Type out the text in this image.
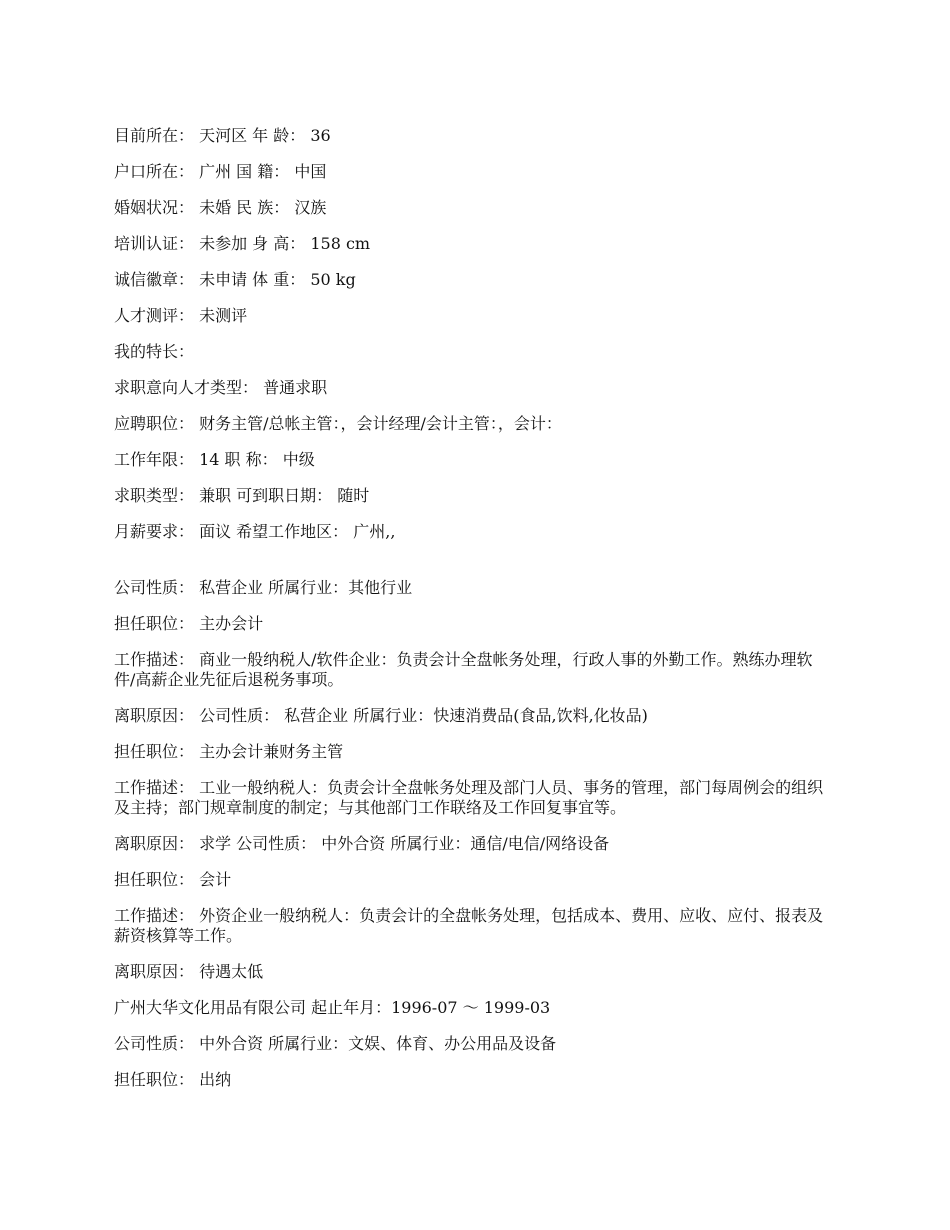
目前所在： 天河区 年 龄： 36
户口所在： 广州 国 籍： 中国
婚姻状况： 未婚 民 族： 汉族
培训认证： 未参加 身 高： 158 cm
诚信徽章： 未申请 体 重： 50 kg
人才测评： 未测评
我的特长：
求职意向人才类型： 普通求职
应聘职位： 财务主管/总帐主管：，会计经理/会计主管：，会计：
工作年限： 14 职 称： 中级
求职类型： 兼职 可到职日期： 随时
月薪要求： 面议 希望工作地区： 广州,,
公司性质： 私营企业 所属行业：其他行业
担任职位： 主办会计
工作描述： 商业一般纳税人/软件企业：负责会计全盘帐务处理，行政人事的外勤工作。熟练办理软件/高薪企业先征后退税务事项。
离职原因： 公司性质： 私营企业 所属行业：快速消费品(食品,饮料,化妆品)
担任职位： 主办会计兼财务主管
工作描述： 工业一般纳税人：负责会计全盘帐务处理及部门人员、事务的管理，部门每周例会的组织及主持；部门规章制度的制定；与其他部门工作联络及工作回复事宜等。
离职原因： 求学 公司性质： 中外合资 所属行业：通信/电信/网络设备
担任职位： 会计
工作描述： 外资企业一般纳税人：负责会计的全盘帐务处理，包括成本、费用、应收、应付、报表及薪资核算等工作。
离职原因： 待遇太低
广州大华文化用品有限公司 起止年月：1996-07 ～ 1999-03
公司性质： 中外合资 所属行业：文娱、体育、办公用品及设备
担任职位： 出纳
